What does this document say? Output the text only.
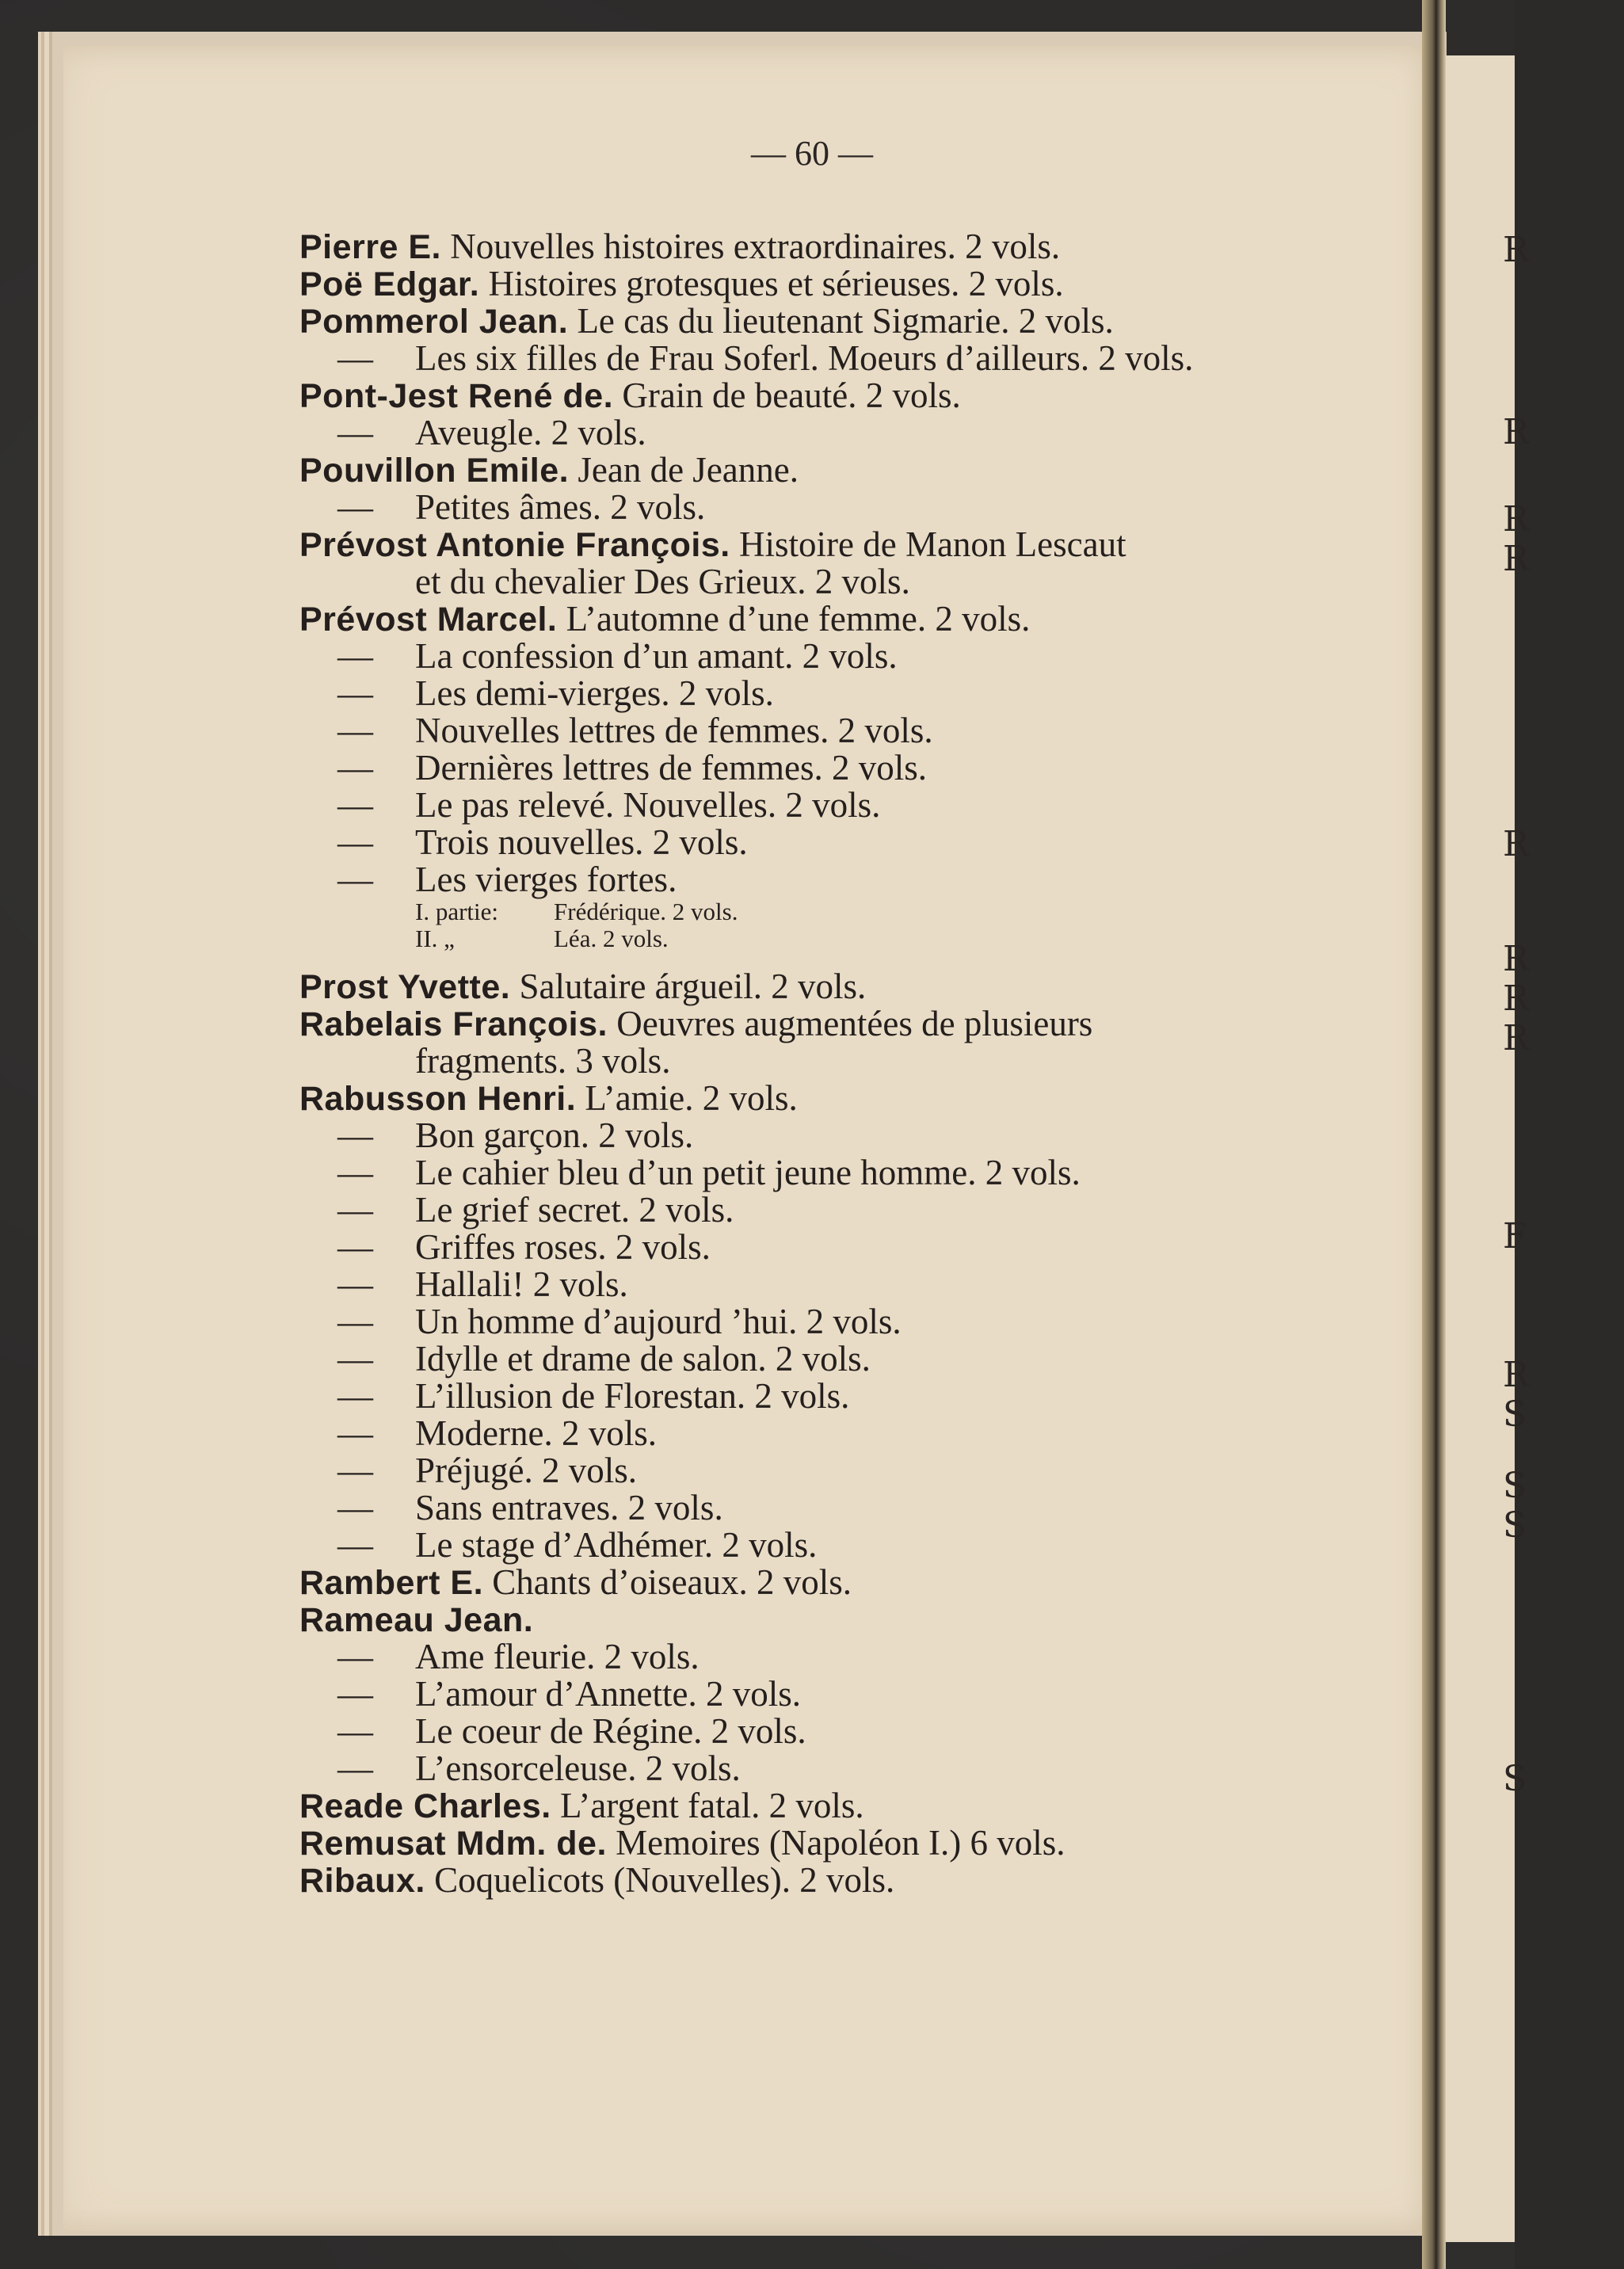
R
R
R
R
R
R
R
R
F
R
S
S
S
S
— 60 —
Pierre E. Nouvelles histoires extraordinaires. 2 vols.
Poë Edgar. Histoires grotesques et sérieuses. 2 vols.
Pommerol Jean. Le cas du lieutenant Sigmarie. 2 vols.
— Les six filles de Frau Soferl. Moeurs d’ailleurs. 2 vols.
Pont-Jest René de. Grain de beauté. 2 vols.
— Aveugle. 2 vols.
Pouvillon Emile. Jean de Jeanne.
— Petites âmes. 2 vols.
Prévost Antonie François. Histoire de Manon Lescaut
et du chevalier Des Grieux. 2 vols.
Prévost Marcel. L’automne d’une femme. 2 vols.
— La confession d’un amant. 2 vols.
— Les demi-vierges. 2 vols.
— Nouvelles lettres de femmes. 2 vols.
— Dernières lettres de femmes. 2 vols.
— Le pas relevé. Nouvelles. 2 vols.
— Trois nouvelles. 2 vols.
— Les vierges fortes.
I. partie: Frédérique. 2 vols.
II. „	Léa. 2 vols.
Prost Yvette. Salutaire árgueil. 2 vols.
Rabelais François. Oeuvres augmentées de plusieurs
fragments. 3 vols.
Rabusson Henri. L’amie. 2 vols.
— Bon garçon. 2 vols.
— Le cahier bleu d’un petit jeune homme. 2 vols.
— Le grief secret. 2 vols.
— Griffes roses. 2 vols.
— Hallali! 2 vols.
— Un homme d’aujourd ’hui. 2 vols.
— Idylle et drame de salon. 2 vols.
— L’illusion de Florestan. 2 vols.
— Moderne. 2 vols.
— Préjugé. 2 vols.
— Sans entraves. 2 vols.
— Le stage d’Adhémer. 2 vols.
Rambert E. Chants d’oiseaux. 2 vols.
Rameau Jean.
— Ame fleurie. 2 vols.
— L’amour d’Annette. 2 vols.
— Le coeur de Régine. 2 vols.
— L’ensorceleuse. 2 vols.
Reade Charles. L’argent fatal. 2 vols.
Remusat Mdm. de. Memoires (Napoléon I.) 6 vols.
Ribaux. Coquelicots (Nouvelles). 2 vols.
